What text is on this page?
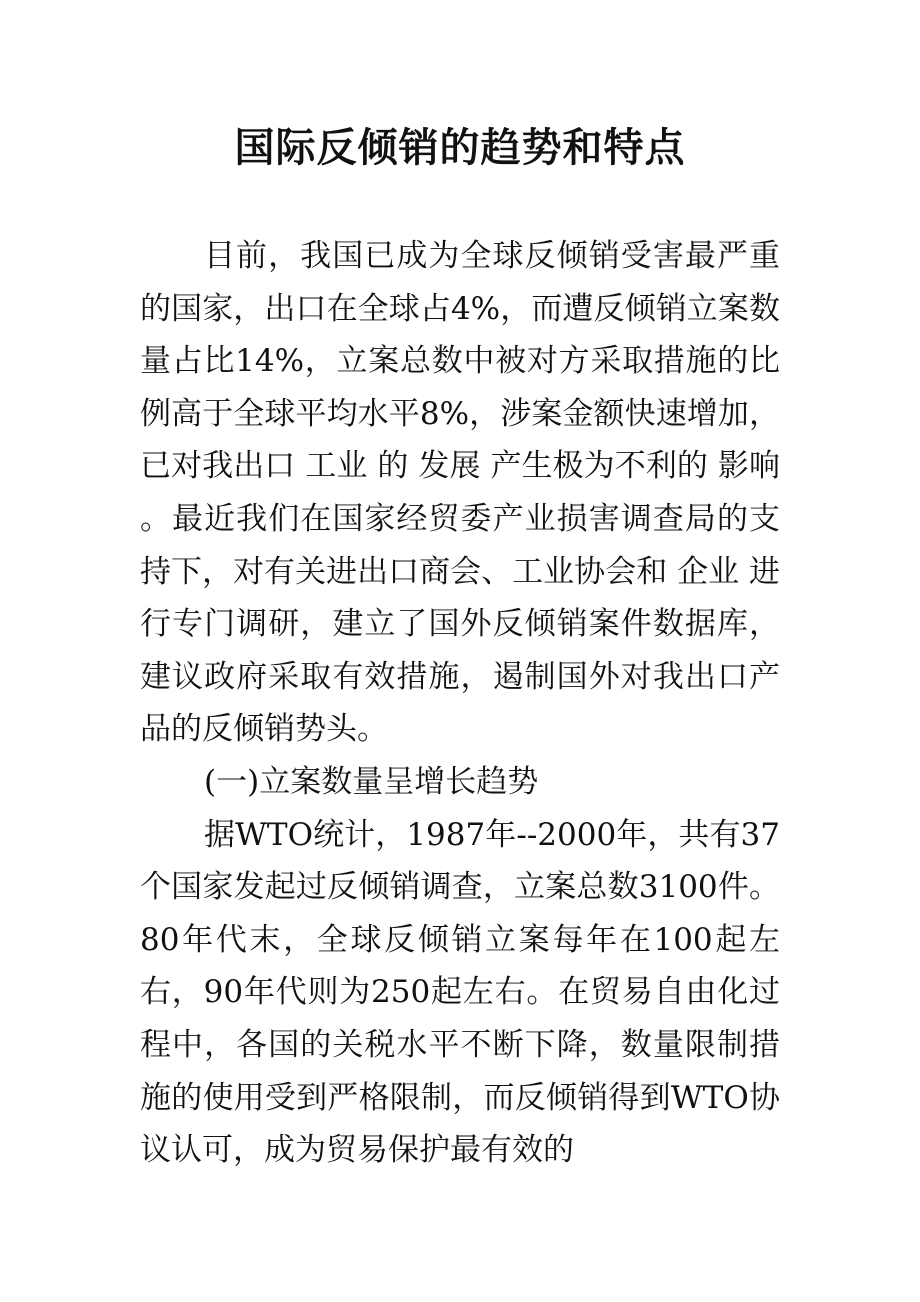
国际反倾销的趋势和特点

目前，我国已成为全球反倾销受害最严重的国家，出口在全球占4%，而遭反倾销立案数量占比14%，立案总数中被对方采取措施的比例高于全球平均水平8%，涉案金额快速增加，已对我出口 工业 的 发展 产生极为不利的 影响 。最近我们在国家经贸委产业损害调查局的支持下，对有关进出口商会、工业协会和 企业 进行专门调研，建立了国外反倾销案件数据库，建议政府采取有效措施，遏制国外对我出口产品的反倾销势头。

(一)立案数量呈增长趋势

据WTO统计，1987年--2000年，共有37个国家发起过反倾销调查，立案总数3100件。80年代末，全球反倾销立案每年在100起左右，90年代则为250起左右。在贸易自由化过程中，各国的关税水平不断下降，数量限制措施的使用受到严格限制，而反倾销得到WTO协议认可，成为贸易保护最有效的
